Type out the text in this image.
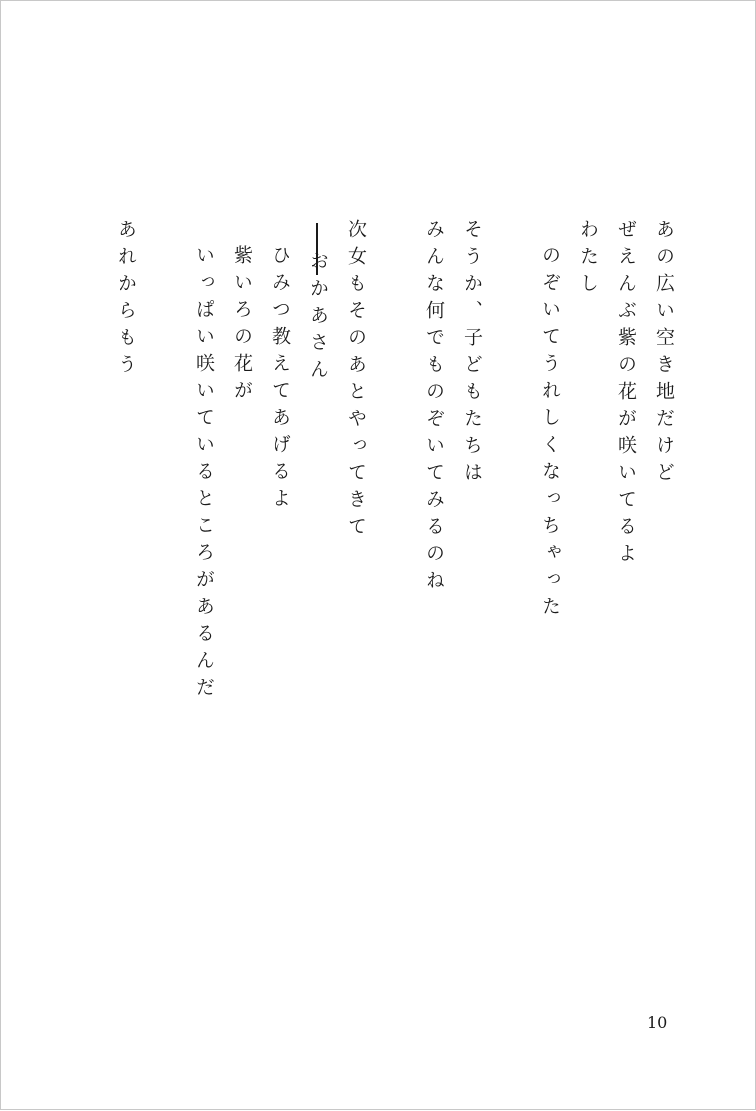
あの広い空き地だけど
ぜえんぶ紫の花が咲いてるよ
わたし
のぞいてうれしくなっちゃった
そうか、子どもたちは
みんな何でものぞいてみるのね
次女もそのあとやってきて
おかあさん
ひみつ教えてあげるよ
紫いろの花が
いっぱい咲いているところがあるんだ
あれからもう
10
